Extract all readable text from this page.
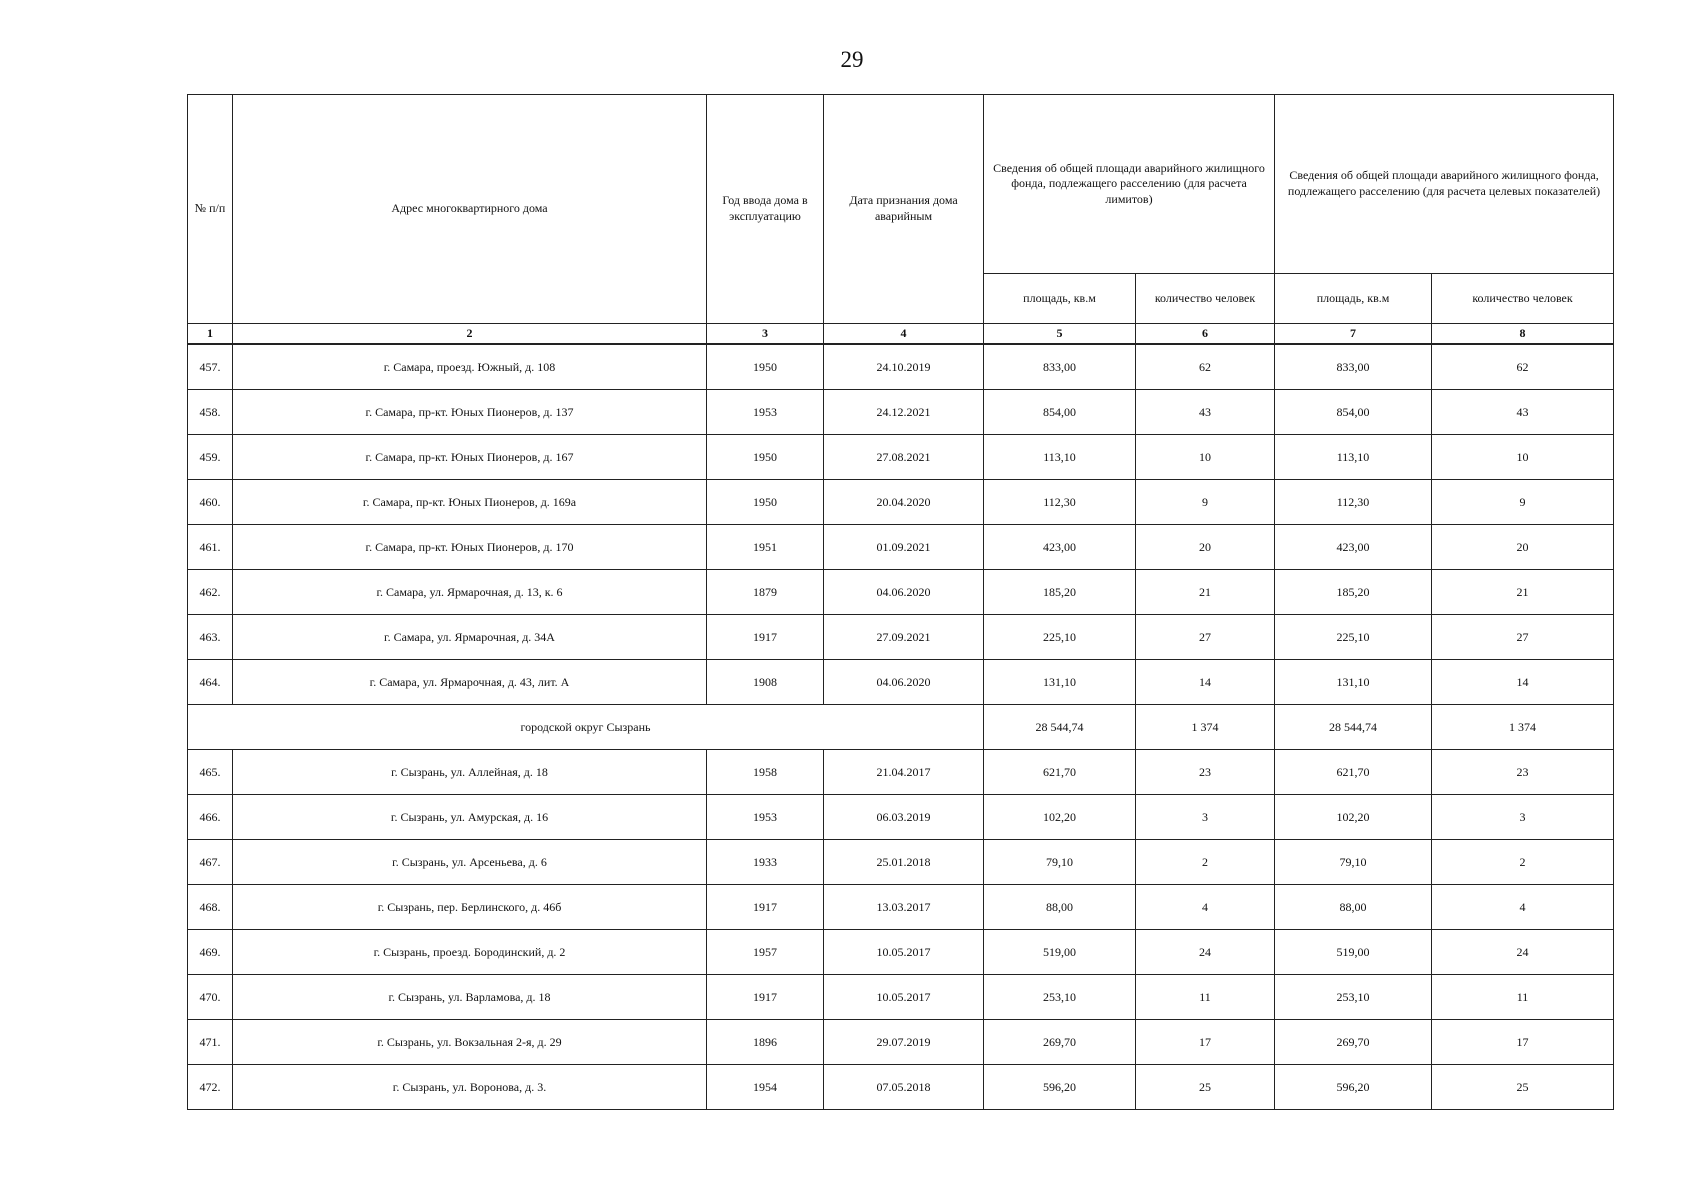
29
№ п/п	Адрес многоквартирного дома	Год ввода дома в эксплуатацию	Дата признания дома аварийным	Сведения об общей площади аварийного жилищного фонда, подлежащего расселению (для расчета лимитов)		Сведения об общей площади аварийного жилищного фонда, подлежащего расселению (для расчета целевых показателей)	
				площадь, кв.м	количество человек	площадь, кв.м	количество человек
1	2	3	4	5	6	7	8
457.	г. Самара, проезд. Южный, д. 108	1950	24.10.2019	833,00	62	833,00	62
458.	г. Самара, пр-кт. Юных Пионеров, д. 137	1953	24.12.2021	854,00	43	854,00	43
459.	г. Самара, пр-кт. Юных Пионеров, д. 167	1950	27.08.2021	113,10	10	113,10	10
460.	г. Самара, пр-кт. Юных Пионеров, д. 169а	1950	20.04.2020	112,30	9	112,30	9
461.	г. Самара, пр-кт. Юных Пионеров, д. 170	1951	01.09.2021	423,00	20	423,00	20
462.	г. Самара, ул. Ярмарочная, д. 13, к. 6	1879	04.06.2020	185,20	21	185,20	21
463.	г. Самара, ул. Ярмарочная, д. 34А	1917	27.09.2021	225,10	27	225,10	27
464.	г. Самара, ул. Ярмарочная, д. 43, лит. А	1908	04.06.2020	131,10	14	131,10	14
городской округ Сызрань				28 544,74	1 374	28 544,74	1 374
465.	г. Сызрань, ул. Аллейная, д. 18	1958	21.04.2017	621,70	23	621,70	23
466.	г. Сызрань, ул. Амурская, д. 16	1953	06.03.2019	102,20	3	102,20	3
467.	г. Сызрань, ул. Арсеньева, д. 6	1933	25.01.2018	79,10	2	79,10	2
468.	г. Сызрань, пер. Берлинского, д. 46б	1917	13.03.2017	88,00	4	88,00	4
469.	г. Сызрань, проезд. Бородинский, д. 2	1957	10.05.2017	519,00	24	519,00	24
470.	г. Сызрань, ул. Варламова, д. 18	1917	10.05.2017	253,10	11	253,10	11
471.	г. Сызрань, ул. Вокзальная 2-я, д. 29	1896	29.07.2019	269,70	17	269,70	17
472.	г. Сызрань, ул. Воронова, д. 3.	1954	07.05.2018	596,20	25	596,20	25
